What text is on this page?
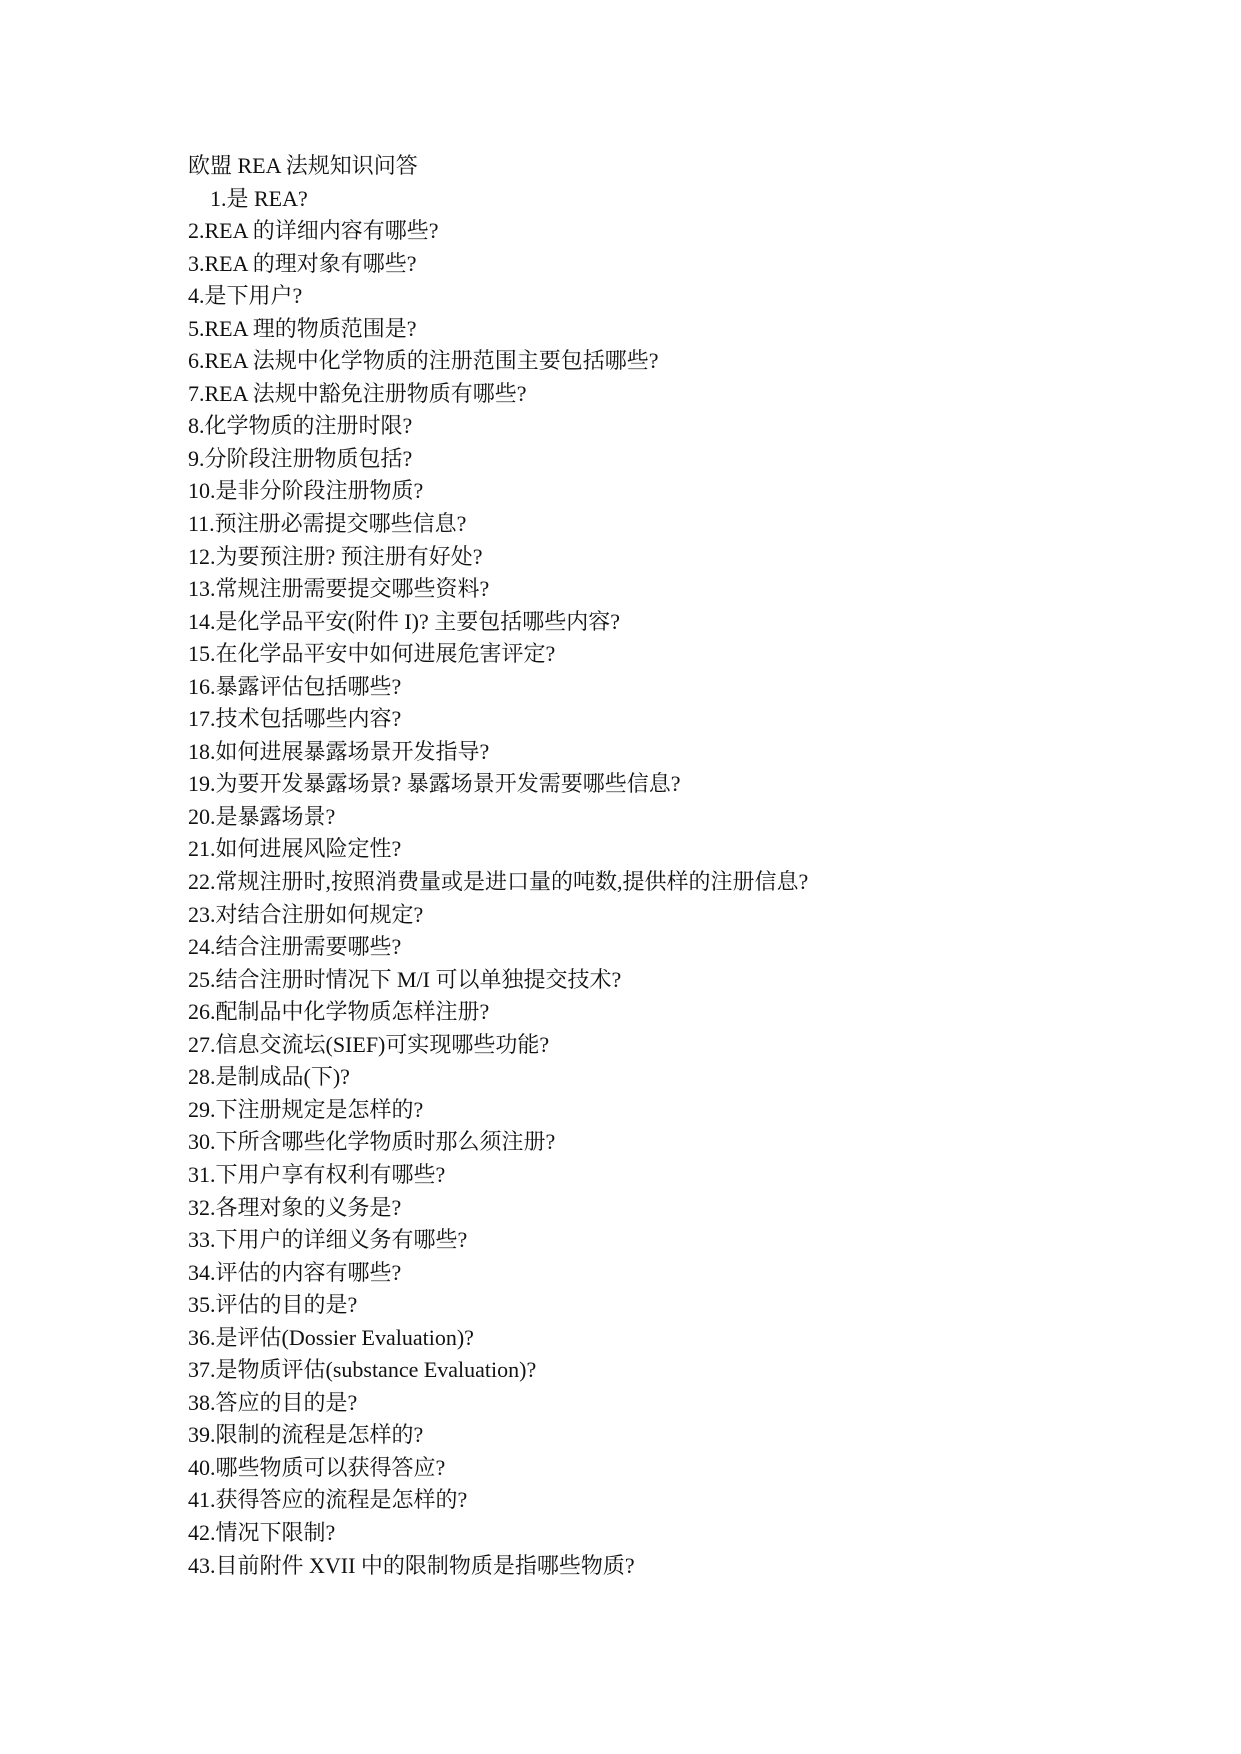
欧盟 REA 法规知识问答
1.是 REA?
2.REA 的详细内容有哪些?
3.REA 的理对象有哪些?
4.是下用户?
5.REA 理的物质范围是?
6.REA 法规中化学物质的注册范围主要包括哪些?
7.REA 法规中豁免注册物质有哪些?
8.化学物质的注册时限?
9.分阶段注册物质包括?
10.是非分阶段注册物质?
11.预注册必需提交哪些信息?
12.为要预注册? 预注册有好处?
13.常规注册需要提交哪些资料?
14.是化学品平安(附件 I)? 主要包括哪些内容?
15.在化学品平安中如何进展危害评定?
16.暴露评估包括哪些?
17.技术包括哪些内容?
18.如何进展暴露场景开发指导?
19.为要开发暴露场景? 暴露场景开发需要哪些信息?
20.是暴露场景?
21.如何进展风险定性?
22.常规注册时,按照消费量或是进口量的吨数,提供样的注册信息?
23.对结合注册如何规定?
24.结合注册需要哪些?
25.结合注册时情况下 M/I 可以单独提交技术?
26.配制品中化学物质怎样注册?
27.信息交流坛(SIEF)可实现哪些功能?
28.是制成品(下)?
29.下注册规定是怎样的?
30.下所含哪些化学物质时那么须注册?
31.下用户享有权利有哪些?
32.各理对象的义务是?
33.下用户的详细义务有哪些?
34.评估的内容有哪些?
35.评估的目的是?
36.是评估(Dossier Evaluation)?
37.是物质评估(substance Evaluation)?
38.答应的目的是?
39.限制的流程是怎样的?
40.哪些物质可以获得答应?
41.获得答应的流程是怎样的?
42.情况下限制?
43.目前附件 XVII 中的限制物质是指哪些物质?
